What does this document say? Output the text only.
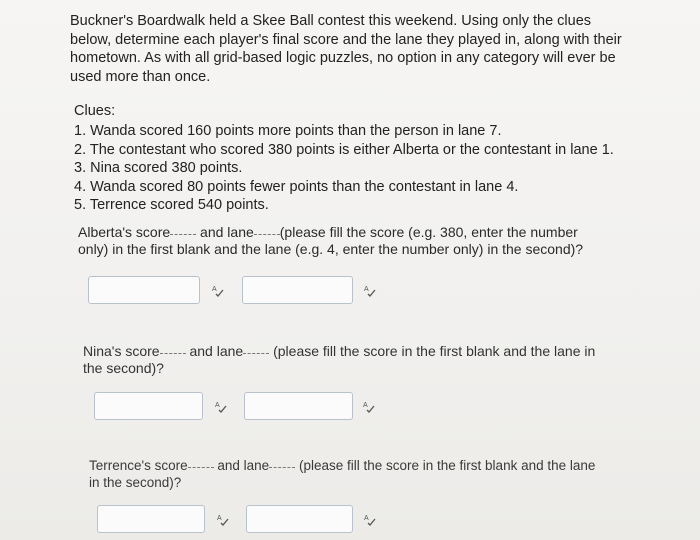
Buckner's Boardwalk held a Skee Ball contest this weekend. Using only the clues below, determine each player's final score and the lane they played in, along with their hometown. As with all grid-based logic puzzles, no option in any category will ever be used more than once.
Clues:
1. Wanda scored 160 points more points than the person in lane 7.
2. The contestant who scored 380 points is either Alberta or the contestant in lane 1.
3. Nina scored 380 points.
4. Wanda scored 80 points fewer points than the contestant in lane 4.
5. Terrence scored 540 points.
Alberta's score and lane (please fill the score (e.g. 380, enter the number only) in the first blank and the lane (e.g. 4, enter the number only) in the second)?
A	A
Nina's score and lane (please fill the score in the first blank and the lane in the second)?
A	A
Terrence's score and lane (please fill the score in the first blank and the lane in the second)?
A	A
